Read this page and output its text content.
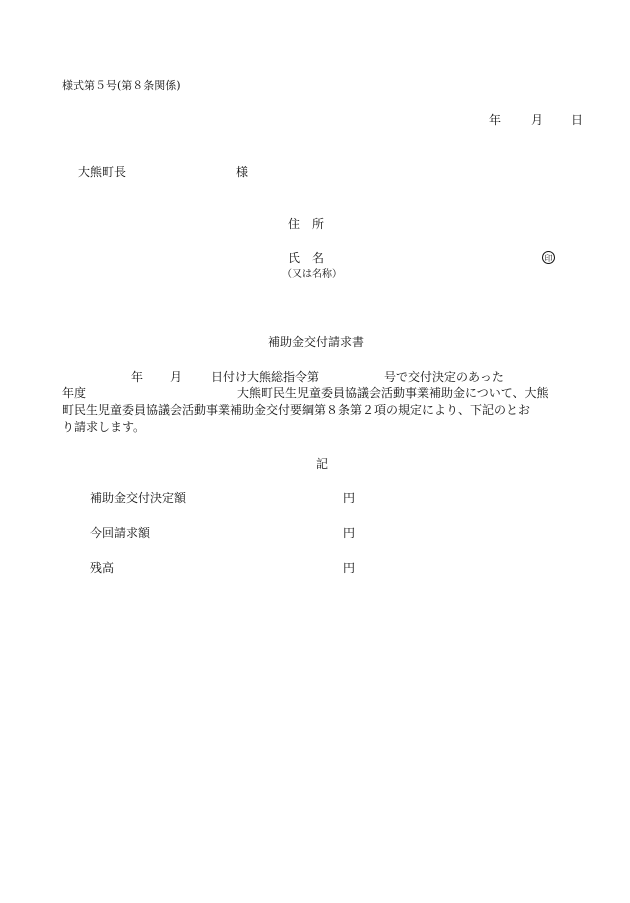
様式第５号(第８条関係)
年 月 日
大熊町長	様
住　所
氏　名	印
（又は名称）
補助金交付請求書
年 月 日付け大熊総指令第	号で交付決定のあった
年度	大熊町民生児童委員協議会活動事業補助金について、大熊
町民生児童委員協議会活動事業補助金交付要綱第８条第２項の規定により、下記のとお
り請求します。
記
補助金交付決定額	円
今回請求額	円
残高	円
